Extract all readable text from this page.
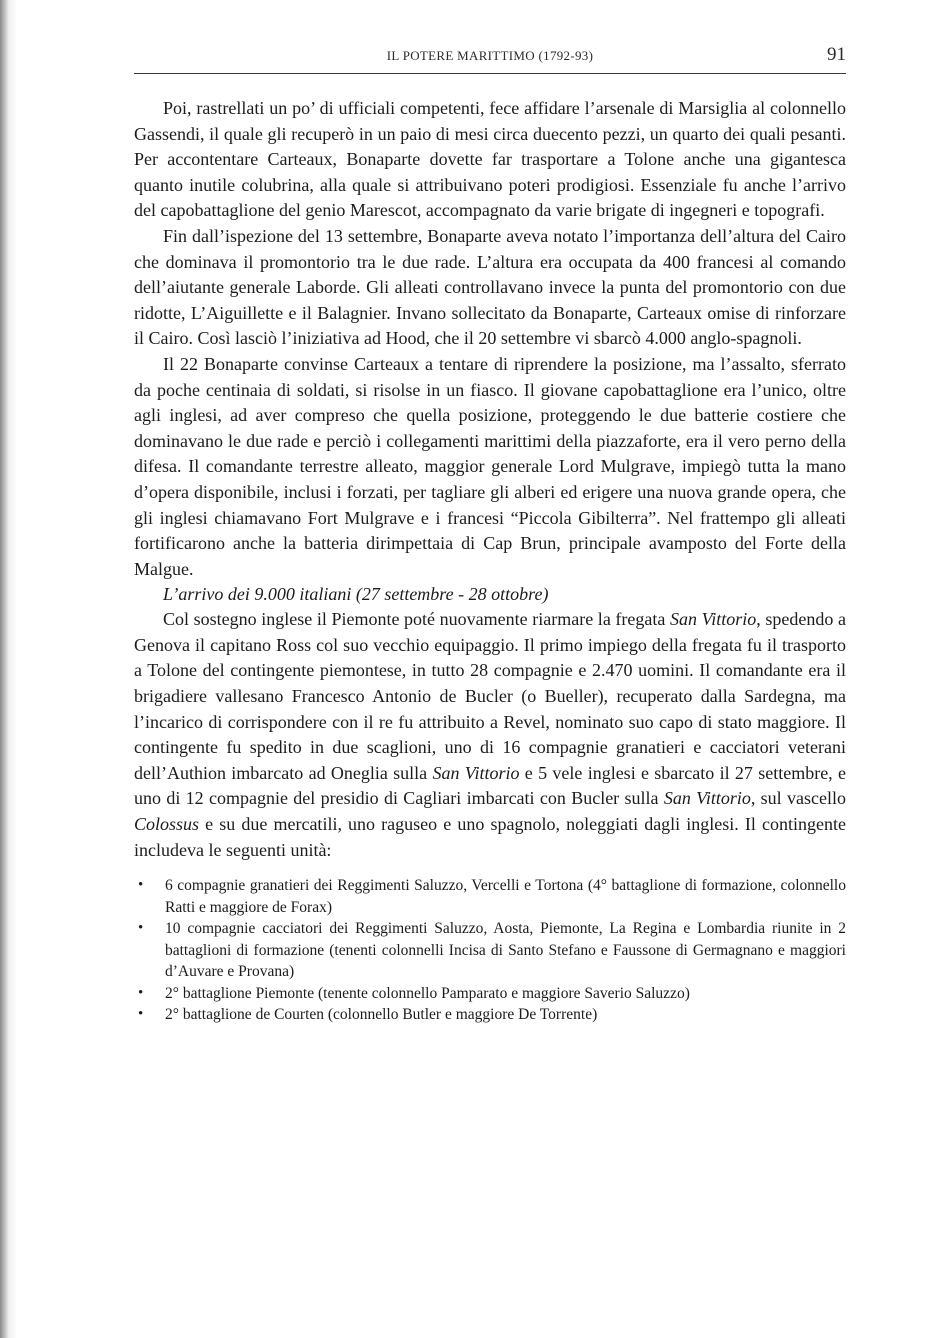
IL POTERE MARITTIMO (1792-93)	91

Poi, rastrellati un po’ di ufficiali competenti, fece affidare l’arsenale di Marsiglia al colonnello Gassendi, il quale gli recuperò in un paio di mesi circa duecento pezzi, un quarto dei quali pesanti. Per accontentare Carteaux, Bonaparte dovette far trasportare a Tolone anche una gigantesca quanto inutile colubrina, alla quale si attribuivano poteri prodigiosi. Essenziale fu anche l’arrivo del capobattaglione del genio Marescot, accompagnato da varie brigate di ingegneri e topografi.

Fin dall’ispezione del 13 settembre, Bonaparte aveva notato l’importanza dell’altura del Cairo che dominava il promontorio tra le due rade. L’altura era occupata da 400 francesi al comando dell’aiutante generale Laborde. Gli alleati controllavano invece la punta del promontorio con due ridotte, L’Aiguillette e il Balagnier. Invano sollecitato da Bonaparte, Carteaux omise di rinforzare il Cairo. Così lasciò l’iniziativa ad Hood, che il 20 settembre vi sbarcò 4.000 anglo-spagnoli.

Il 22 Bonaparte convinse Carteaux a tentare di riprendere la posizione, ma l’assalto, sferrato da poche centinaia di soldati, si risolse in un fiasco. Il giovane capobattaglione era l’unico, oltre agli inglesi, ad aver compreso che quella posizione, proteggendo le due batterie costiere che dominavano le due rade e perciò i collegamenti marittimi della piazzaforte, era il vero perno della difesa. Il comandante terrestre alleato, maggior generale Lord Mulgrave, impiegò tutta la mano d’opera disponibile, inclusi i forzati, per tagliare gli alberi ed erigere una nuova grande opera, che gli inglesi chiamavano Fort Mulgrave e i francesi “Piccola Gibilterra”. Nel frattempo gli alleati fortificarono anche la batteria dirimpettaia di Cap Brun, principale avamposto del Forte della Malgue.

L’arrivo dei 9.000 italiani (27 settembre - 28 ottobre)

Col sostegno inglese il Piemonte poté nuovamente riarmare la fregata San Vittorio, spedendo a Genova il capitano Ross col suo vecchio equipaggio. Il primo impiego della fregata fu il trasporto a Tolone del contingente piemontese, in tutto 28 compagnie e 2.470 uomini. Il comandante era il brigadiere vallesano Francesco Antonio de Bucler (o Bueller), recuperato dalla Sardegna, ma l’incarico di corrispondere con il re fu attribuito a Revel, nominato suo capo di stato maggiore. Il contingente fu spedito in due scaglioni, uno di 16 compagnie granatieri e cacciatori veterani dell’Authion imbarcato ad Oneglia sulla San Vittorio e 5 vele inglesi e sbarcato il 27 settembre, e uno di 12 compagnie del presidio di Cagliari imbarcati con Bucler sulla San Vittorio, sul vascello Colossus e su due mercatili, uno raguseo e uno spagnolo, noleggiati dagli inglesi. Il contingente includeva le seguenti unità:

• 6 compagnie granatieri dei Reggimenti Saluzzo, Vercelli e Tortona (4° battaglione di formazione, colonnello Ratti e maggiore de Forax)
• 10 compagnie cacciatori dei Reggimenti Saluzzo, Aosta, Piemonte, La Regina e Lombardia riunite in 2 battaglioni di formazione (tenenti colonnelli Incisa di Santo Stefano e Faussone di Germagnano e maggiori d’Auvare e Provana)
• 2° battaglione Piemonte (tenente colonnello Pamparato e maggiore Saverio Saluzzo)
• 2° battaglione de Courten (colonnello Butler e maggiore De Torrente)
